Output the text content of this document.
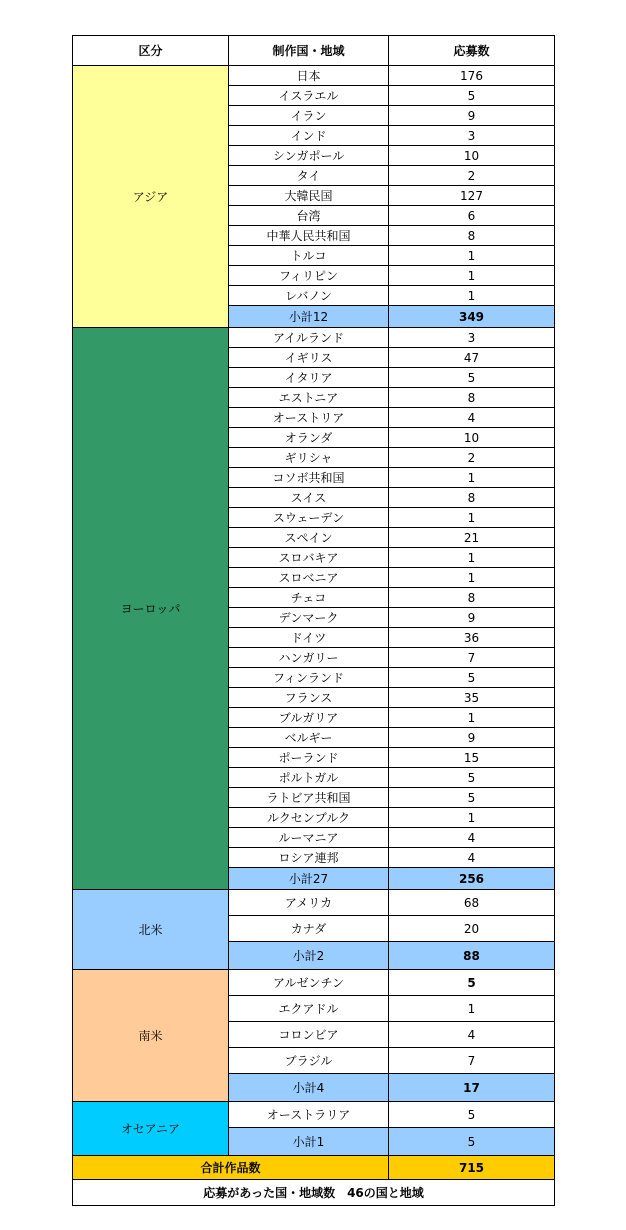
区分	制作国・地域	応募数
アジア	日本	176
	イスラエル	5
	イラン	9
	インド	3
	シンガポール	10
	タイ	2
	大韓民国	127
	台湾	6
	中華人民共和国	8
	トルコ	1
	フィリピン	1
	レバノン	1
	小計12	349
ヨーロッパ	アイルランド	3
	イギリス	47
	イタリア	5
	エストニア	8
	オーストリア	4
	オランダ	10
	ギリシャ	2
	コソボ共和国	1
	スイス	8
	スウェーデン	1
	スペイン	21
	スロバキア	1
	スロベニア	1
	チェコ	8
	デンマーク	9
	ドイツ	36
	ハンガリー	7
	フィンランド	5
	フランス	35
	ブルガリア	1
	ベルギー	9
	ポーランド	15
	ポルトガル	5
	ラトビア共和国	5
	ルクセンブルク	1
	ルーマニア	4
	ロシア連邦	4
	小計27	256
北米	アメリカ	68
	カナダ	20
	小計2	88
南米	アルゼンチン	5
	エクアドル	1
	コロンビア	4
	ブラジル	7
	小計4	17
オセアニア	オーストラリア	5
	小計1	5
合計作品数		715
応募があった国・地域数　46の国と地域		
